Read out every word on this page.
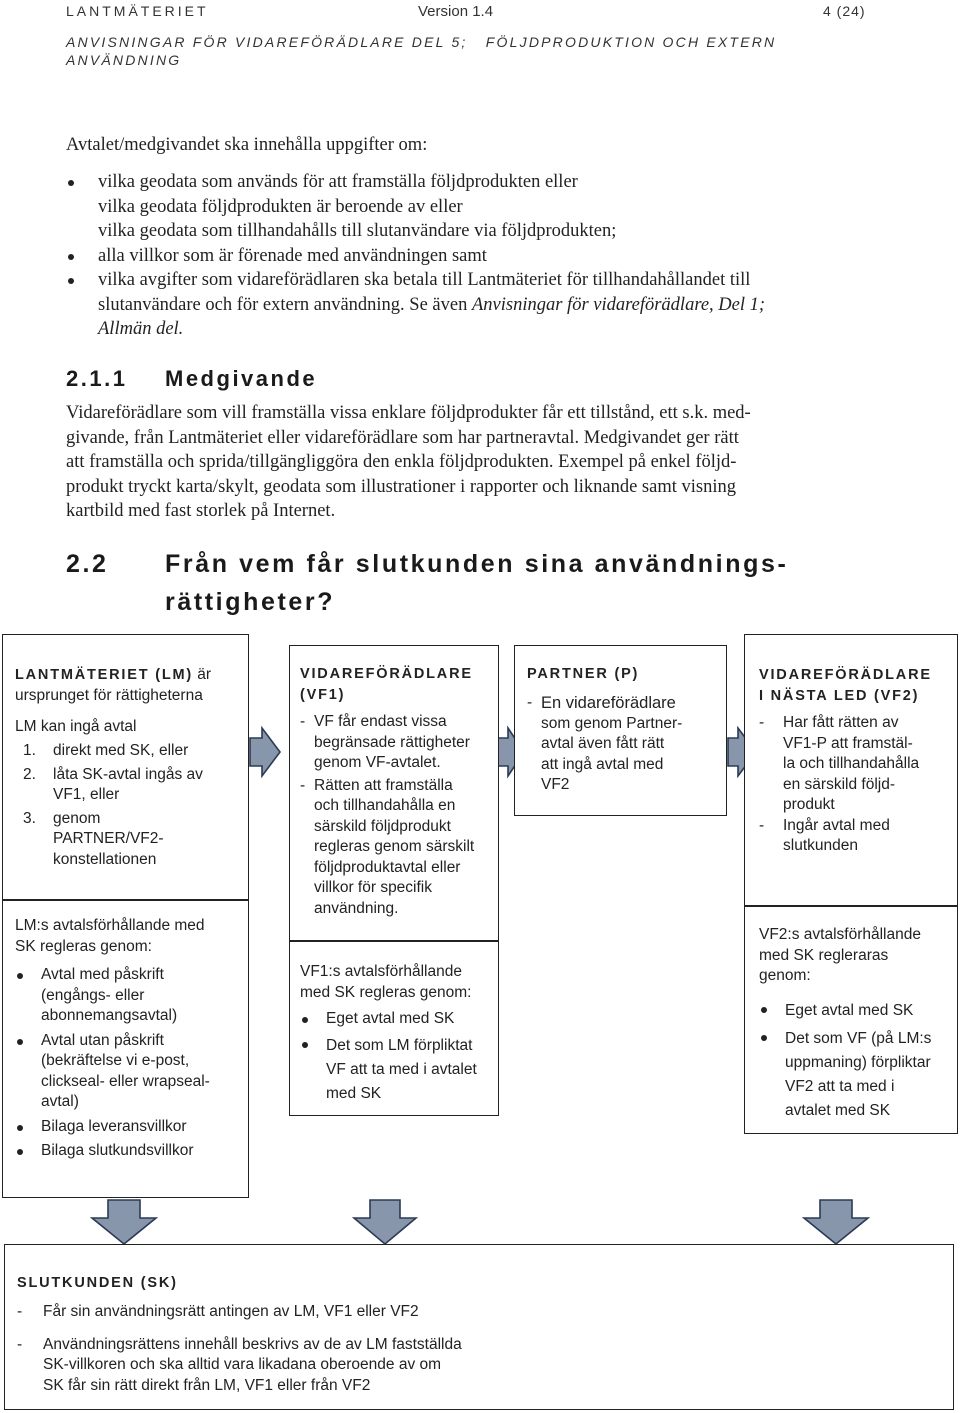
LANTMÄTERIET	Version 1.4	4 (24)
ANVISNINGAR FÖR VIDAREFÖRÄDLARE DEL 5;   FÖLJDPRODUKTION OCH EXTERN
ANVÄNDNING
Avtalet/medgivandet ska innehålla uppgifter om:
vilka geodata som används för att framställa följdprodukten eller
vilka geodata följdprodukten är beroende av eller
vilka geodata som tillhandahålls till slutanvändare via följdprodukten;
alla villkor som är förenade med användningen samt
vilka avgifter som vidareförädlaren ska betala till Lantmäteriet för tillhandahållandet till
slutanvändare och för extern användning. Se även Anvisningar för vidareförädlare, Del 1;
Allmän del.
2.1.1 Medgivande
Vidareförädlare som vill framställa vissa enklare följdprodukter får ett tillstånd, ett s.k. med-
givande, från Lantmäteriet eller vidareförädlare som har partneravtal. Medgivandet ger rätt
att framställa och sprida/tillgängliggöra den enkla följdprodukten. Exempel på enkel följd-
produkt tryckt karta/skylt, geodata som illustrationer i rapporter och liknande samt visning
kartbild med fast storlek på Internet.
2.2 Från vem får slutkunden sina användnings-
rättigheter?
LANTMÄTERIET (LM) är
ursprunget för rättigheterna
LM kan ingå avtal
1. direkt med SK, eller
2. låta SK-avtal ingås av
VF1, eller
3. genom
PARTNER/VF2-
konstellationen
LM:s avtalsförhållande med
SK regleras genom:
Avtal med påskrift
(engångs- eller
abonnemangsavtal)
Avtal utan påskrift
(bekräftelse vi e-post,
clickseal- eller wrapseal-
avtal)
Bilaga leveransvillkor
Bilaga slutkundsvillkor
VIDAREFÖRÄDLARE
(VF1)
- VF får endast vissa
begränsade rättigheter
genom VF-avtalet.
- Rätten att framställa
och tillhandahålla en
särskild följdprodukt
regleras genom särskilt
följdproduktavtal eller
villkor för specifik
användning.
VF1:s avtalsförhållande
med SK regleras genom:
Eget avtal med SK
Det som LM förpliktat
VF att ta med i avtalet
med SK
PARTNER (P)
- En vidareförädlare
som genom Partner-
avtal även fått rätt
att ingå avtal med
VF2
VIDAREFÖRÄDLARE
I NÄSTA LED (VF2)
- Har fått rätten av
VF1-P att framstäl-
la och tillhandahålla
en särskild följd-
produkt
- Ingår avtal med
slutkunden
VF2:s avtalsförhållande
med SK regleraras
genom:
Eget avtal med SK
Det som VF (på LM:s
uppmaning) förpliktar
VF2 att ta med i
avtalet med SK
SLUTKUNDEN (SK)
- Får sin användningsrätt antingen av LM, VF1 eller VF2
- Användningsrättens innehåll beskrivs av de av LM fastställda
SK-villkoren och ska alltid vara likadana oberoende av om
SK får sin rätt direkt från LM, VF1 eller från VF2
